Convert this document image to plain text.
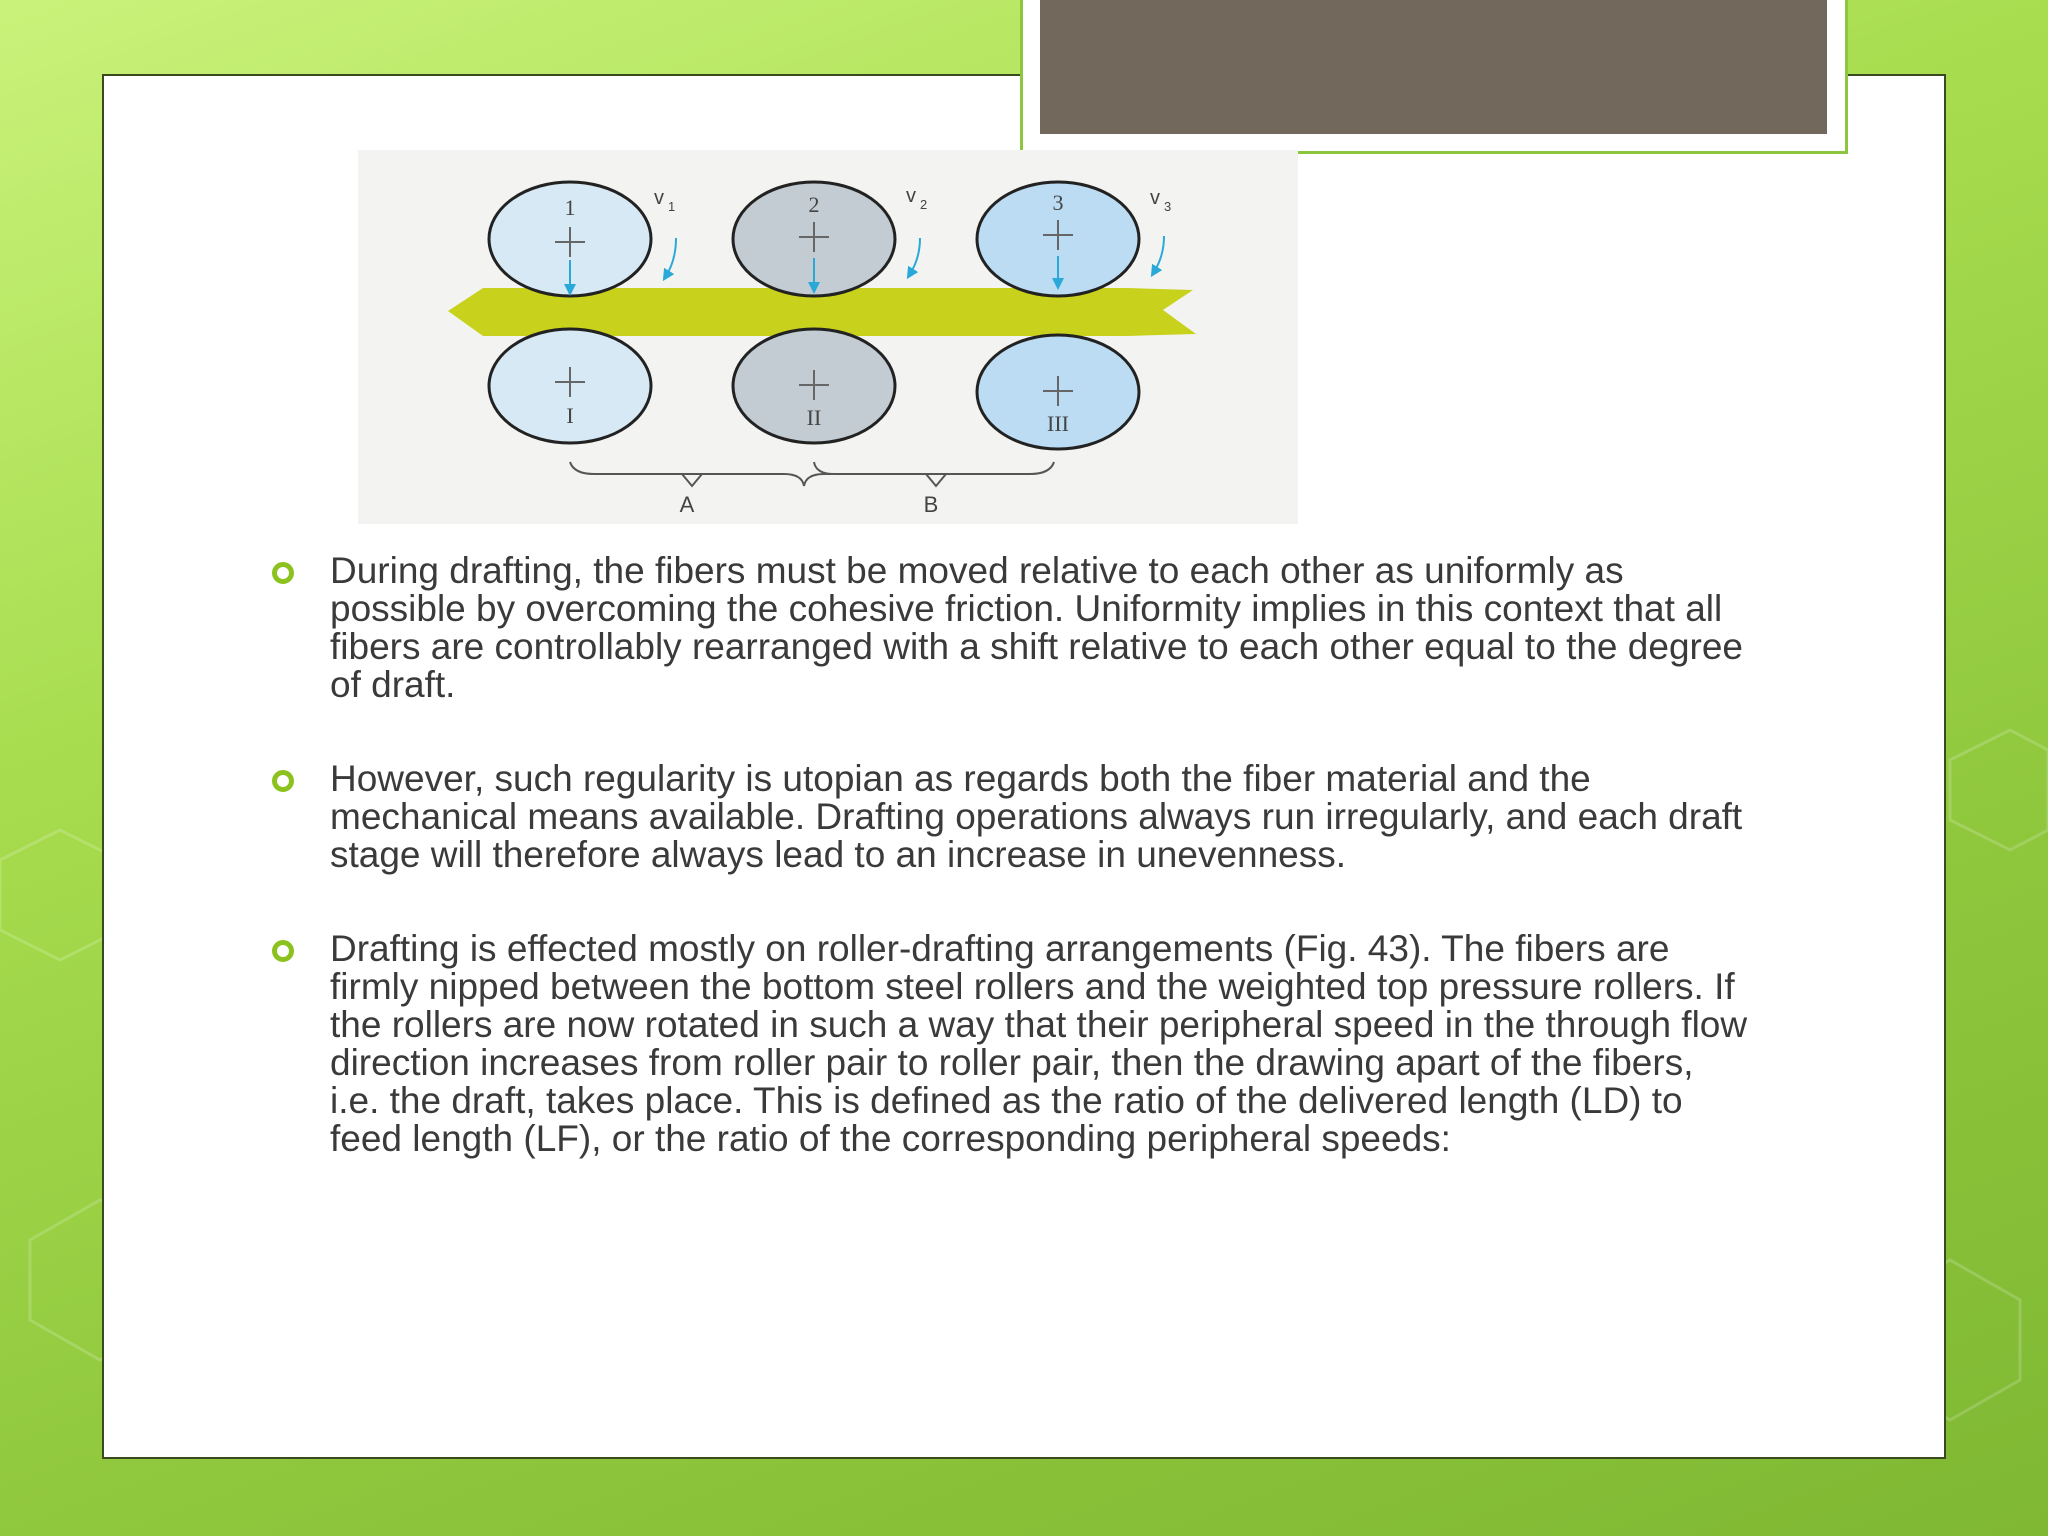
1	2	3
I	II	III
v 1	v 2	v 3
A	B
During drafting, the fibers must be moved relative to each other as uniformly as possible by overcoming the cohesive friction. Uniformity implies in this context that all fibers are controllably rearranged with a shift relative to each other equal to the degree of draft.
However, such regularity is utopian as regards both the fiber material and the mechanical means available. Drafting operations always run irregularly, and each draft stage will therefore always lead to an increase in unevenness.
Drafting is effected mostly on roller-drafting arrangements (Fig. 43). The fibers are firmly nipped between the bottom steel rollers and the weighted top pressure rollers. If the rollers are now rotated in such a way that their peripheral speed in the through flow direction increases from roller pair to roller pair, then the drawing apart of the fibers, i.e. the draft, takes place. This is defined as the ratio of the delivered length (LD) to feed length (LF), or the ratio of the corresponding peripheral speeds:
